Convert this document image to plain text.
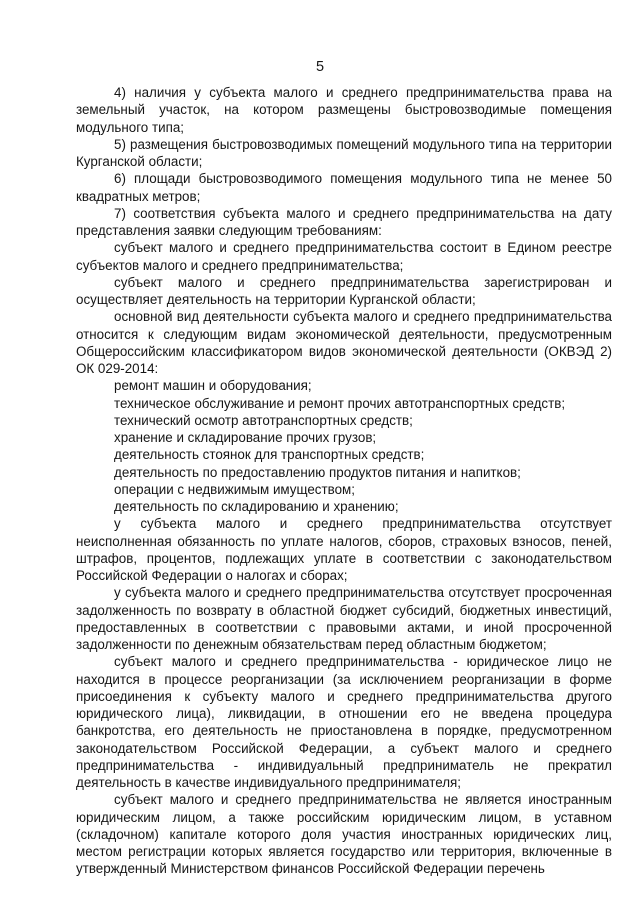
5

4) наличия у субъекта малого и среднего предпринимательства права на земельный участок, на котором размещены быстровозводимые помещения модульного типа;

5) размещения быстровозводимых помещений модульного типа на территории Курганской области;

6) площади быстровозводимого помещения модульного типа не менее 50 квадратных метров;

7) соответствия субъекта малого и среднего предпринимательства на дату представления заявки следующим требованиям:

субъект малого и среднего предпринимательства состоит в Едином реестре субъектов малого и среднего предпринимательства;

субъект малого и среднего предпринимательства зарегистрирован и осуществляет деятельность на территории Курганской области;

основной вид деятельности субъекта малого и среднего предпринимательства относится к следующим видам экономической деятельности, предусмотренным Общероссийским классификатором видов экономической деятельности (ОКВЭД 2) ОК 029-2014:

ремонт машин и оборудования;

техническое обслуживание и ремонт прочих автотранспортных средств;

технический осмотр автотранспортных средств;

хранение и складирование прочих грузов;

деятельность стоянок для транспортных средств;

деятельность по предоставлению продуктов питания и напитков;

операции с недвижимым имуществом;

деятельность по складированию и хранению;

у субъекта малого и среднего предпринимательства отсутствует неисполненная обязанность по уплате налогов, сборов, страховых взносов, пеней, штрафов, процентов, подлежащих уплате в соответствии с законодательством Российской Федерации о налогах и сборах;

у субъекта малого и среднего предпринимательства отсутствует просроченная задолженность по возврату в областной бюджет субсидий, бюджетных инвестиций, предоставленных в соответствии с правовыми актами, и иной просроченной задолженности по денежным обязательствам перед областным бюджетом;

субъект малого и среднего предпринимательства - юридическое лицо не находится в процессе реорганизации (за исключением реорганизации в форме присоединения к субъекту малого и среднего предпринимательства другого юридического лица), ликвидации, в отношении его не введена процедура банкротства, его деятельность не приостановлена в порядке, предусмотренном законодательством Российской Федерации, а субъект малого и среднего предпринимательства - индивидуальный предприниматель не прекратил деятельность в качестве индивидуального предпринимателя;

субъект малого и среднего предпринимательства не является иностранным юридическим лицом, а также российским юридическим лицом, в уставном (складочном) капитале которого доля участия иностранных юридических лиц, местом регистрации которых является государство или территория, включенные в утвержденный Министерством финансов Российской Федерации перечень
